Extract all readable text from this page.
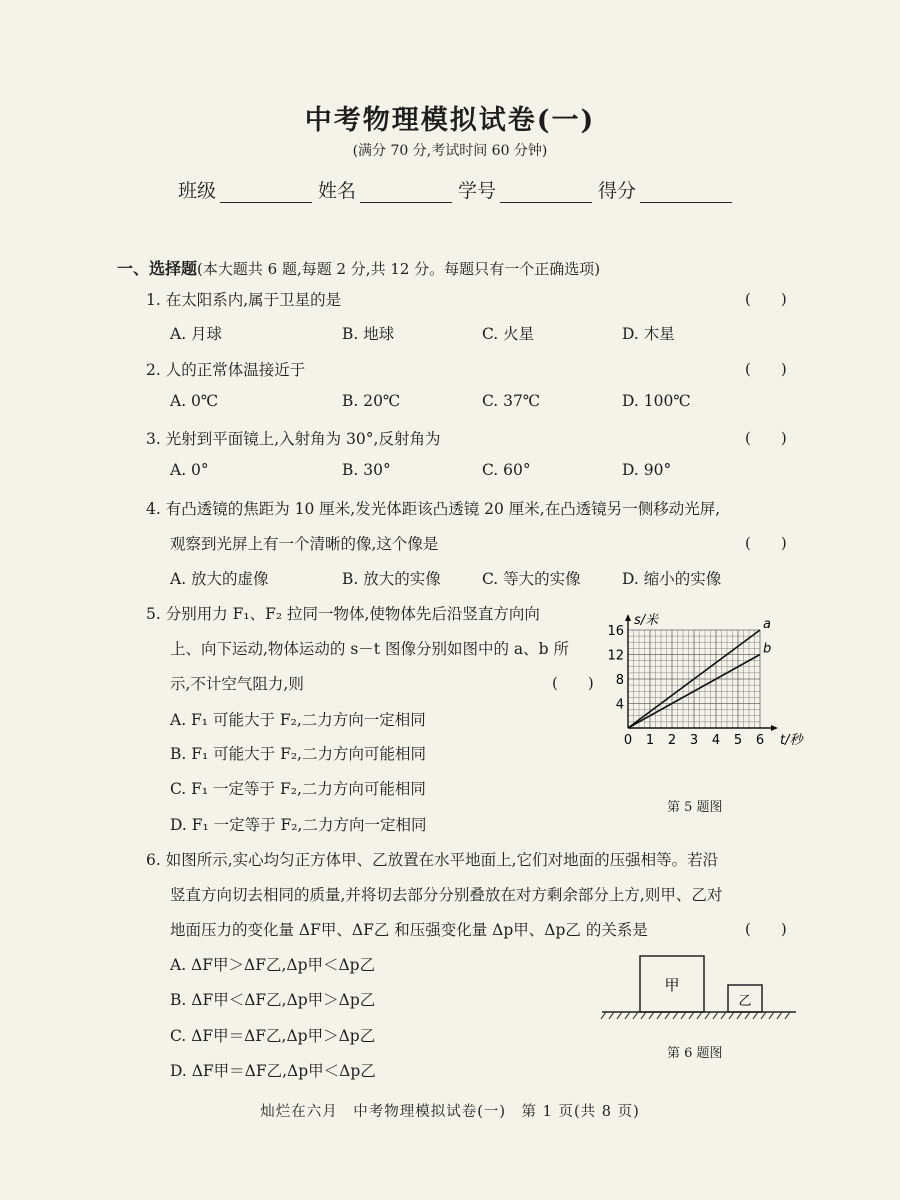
中考物理模拟试卷(一)
(满分 70 分,考试时间 60 分钟)
班级	姓名	学号	得分
一、选择题(本大题共 6 题,每题 2 分,共 12 分。每题只有一个正确选项)
1. 在太阳系内,属于卫星的是	(　　)
A. 月球	B. 地球	C. 火星	D. 木星
2. 人的正常体温接近于	(　　)
A. 0℃	B. 20℃	C. 37℃	D. 100℃
3. 光射到平面镜上,入射角为 30°,反射角为	(　　)
A. 0°	B. 30°	C. 60°	D. 90°
4. 有凸透镜的焦距为 10 厘米,发光体距该凸透镜 20 厘米,在凸透镜另一侧移动光屏,
观察到光屏上有一个清晰的像,这个像是	(　　)
A. 放大的虚像	B. 放大的实像	C. 等大的实像	D. 缩小的实像
5. 分别用力 F₁、F₂ 拉同一物体,使物体先后沿竖直方向向
上、向下运动,物体运动的 s－t 图像分别如图中的 a、b 所
示,不计空气阻力,则	(　　)
A. F₁ 可能大于 F₂,二力方向一定相同
B. F₁ 可能大于 F₂,二力方向可能相同
C. F₁ 一定等于 F₂,二力方向可能相同
D. F₁ 一定等于 F₂,二力方向一定相同
0 1 2 3 4 5 6
4
8
12
16
t/秒
s/米	a
b
第 5 题图
6. 如图所示,实心均匀正方体甲、乙放置在水平地面上,它们对地面的压强相等。若沿
竖直方向切去相同的质量,并将切去部分分别叠放在对方剩余部分上方,则甲、乙对
地面压力的变化量 ΔF甲、ΔF乙 和压强变化量 Δp甲、Δp乙 的关系是	(　　)
A. ΔF甲＞ΔF乙,Δp甲＜Δp乙
B. ΔF甲＜ΔF乙,Δp甲＞Δp乙
C. ΔF甲＝ΔF乙,Δp甲＞Δp乙
D. ΔF甲＝ΔF乙,Δp甲＜Δp乙
甲
乙
第 6 题图
灿烂在六月　中考物理模拟试卷(一)　第 1 页(共 8 页)
